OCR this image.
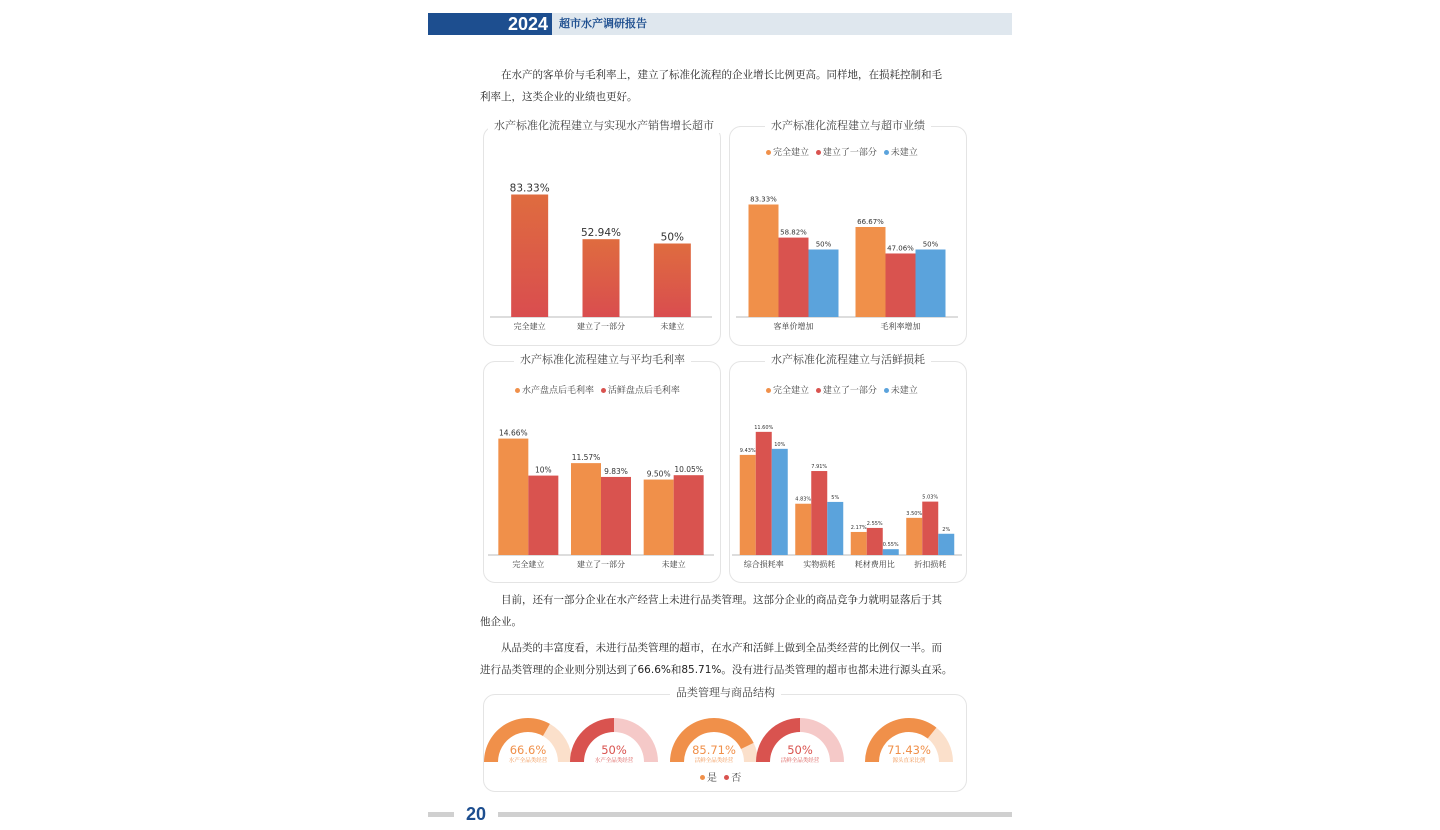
2024 超市水产调研报告
在水产的客单价与毛利率上，建立了标准化流程的企业增长比例更高。同样地，在损耗控制和毛
利率上，这类企业的业绩也更好。
水产标准化流程建立与实现水产销售增长超市
83.33%
完全建立
52.94%
建立了一部分
50%
未建立
水产标准化流程建立与超市业绩
完全建立 建立了一部分 未建立
83.33%
58.82%
50%
客单价增加
66.67%
47.06% 50%
毛利率增加
水产标准化流程建立与平均毛利率
水产盘点后毛利率 活鲜盘点后毛利率
14.66%
10%
完全建立
11.57%
9.83%
建立了一部分
9.50% 10.05%
未建立
水产标准化流程建立与活鲜损耗
完全建立 建立了一部分 未建立
9.43%
11.60%
10%
综合损耗率
4.83%
7.91%
5%
实物损耗
2.17%
2.55%
0.55%
耗材费用比
3.50%
5.03%
2%
折扣损耗
目前，还有一部分企业在水产经营上未进行品类管理。这部分企业的商品竞争力就明显落后于其
他企业。
从品类的丰富度看，未进行品类管理的超市，在水产和活鲜上做到全品类经营的比例仅一半。而
进行品类管理的企业则分别达到了66.6%和85.71%。没有进行品类管理的超市也都未进行源头直采。
品类管理与商品结构
66.6%
水产全品类经营
50%
水产全品类经营
85.71%
活鲜全品类经营
50%
活鲜全品类经营
71.43%
源头直采比例
是 否
20
